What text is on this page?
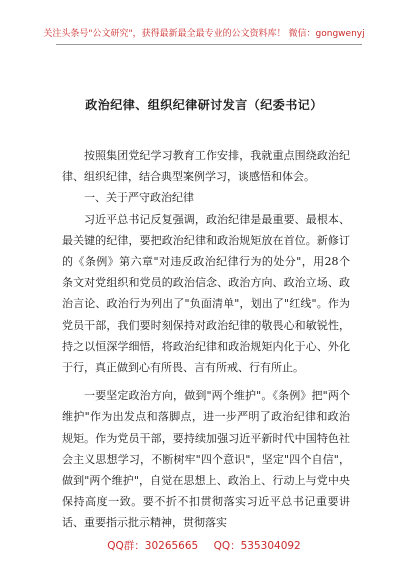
关注头条号"公文研究"，获得最新最全最专业的公文资料库！ 微信：gongwenyj
政治纪律、组织纪律研讨发言（纪委书记）

按照集团党纪学习教育工作安排，我就重点围绕政治纪律、组织纪律，结合典型案例学习，谈感悟和体会。

一、关于严守政治纪律

习近平总书记反复强调，政治纪律是最重要、最根本、最关键的纪律，要把政治纪律和政治规矩放在首位。新修订的《条例》第六章"对违反政治纪律行为的处分"，用28个条文对党组织和党员的政治信念、政治方向、政治立场、政治言论、政治行为列出了"负面清单"，划出了"红线"。作为党员干部，我们要时刻保持对政治纪律的敬畏心和敏锐性，持之以恒深学细悟，将政治纪律和政治规矩内化于心、外化于行，真正做到心有所畏、言有所戒、行有所止。

一要坚定政治方向，做到"两个维护"。《条例》把"两个维护"作为出发点和落脚点，进一步严明了政治纪律和政治规矩。作为党员干部，要持续加强习近平新时代中国特色社会主义思想学习，不断树牢"四个意识"，坚定"四个自信"，做到"两个维护"，自觉在思想上、政治上、行动上与党中央保持高度一致。要不折不扣贯彻落实习近平总书记重要讲话、重要指示批示精神，贯彻落实

QQ群：30265665 QQ：535304092
